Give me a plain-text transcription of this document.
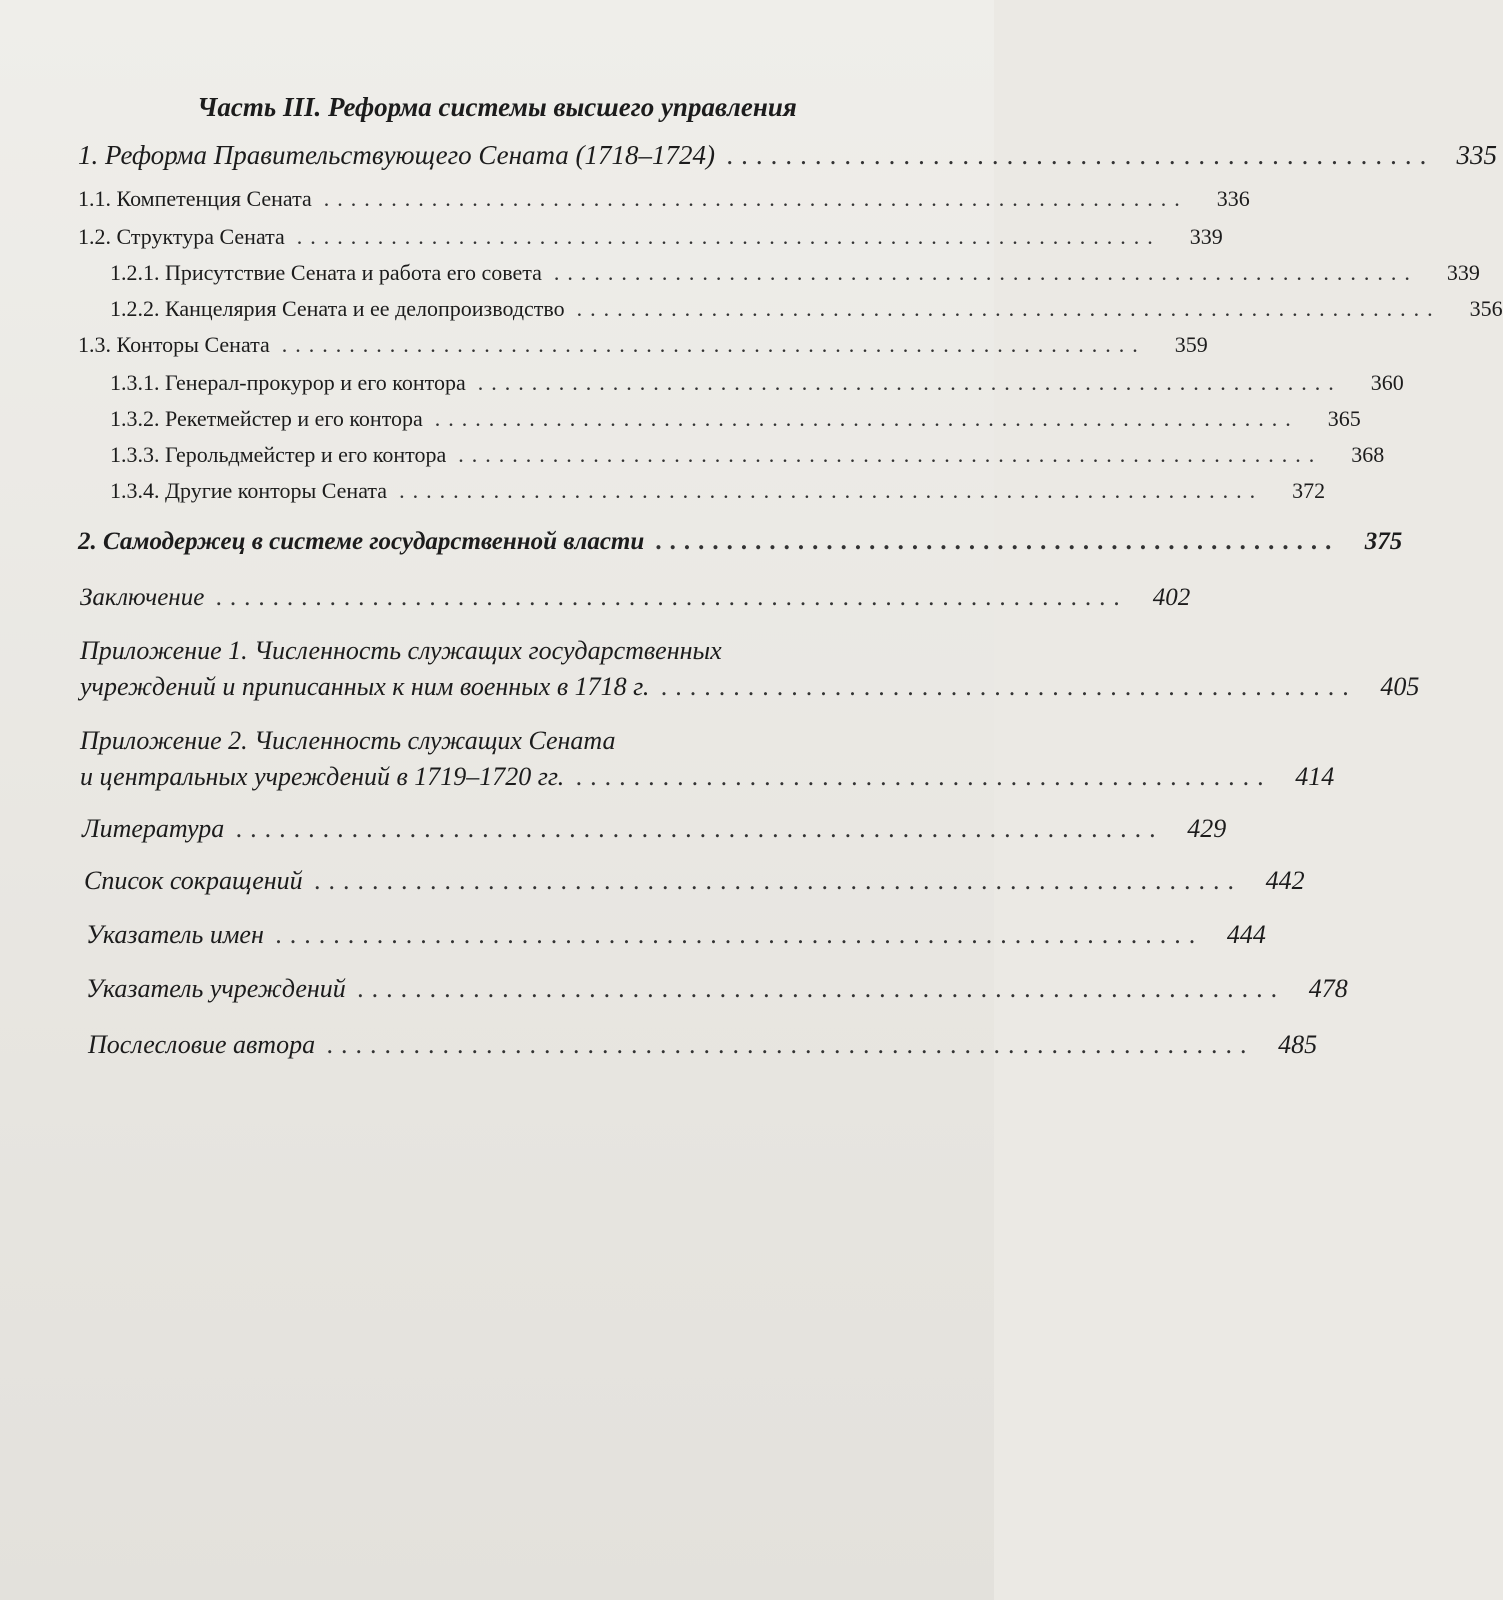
Часть III. Реформа системы высшего управления
1. Реформа Правительствующего Сената (1718–1724) ................................................ 335
1.1. Компетенция Сената ................................................................	336
1.2. Структура Сената ................................................................	339
1.2.1. Присутствие Сената и работа его совета ................................................................	339
1.2.2. Канцелярия Сената и ее делопроизводство ................................................................	356
1.3. Конторы Сената ................................................................	359
1.3.1. Генерал-прокурор и его контора ................................................................	360
1.3.2. Рекетмейстер и его контора ................................................................	365
1.3.3. Герольдмейстер и его контора ................................................................	368
1.3.4. Другие конторы Сената ................................................................	372
2. Самодержец в системе государственной власти ................................................ 375
Заключение ................................................................ 402
Приложение 1. Численность служащих государственных
учреждений и приписанных к ним военных в 1718 г. ................................................ 405
Приложение 2. Численность служащих Сената
и центральных учреждений в 1719–1720 гг. ................................................ 414
Литература ................................................................ 429
Список сокращений ................................................................ 442
Указатель имен ................................................................ 444
Указатель учреждений ................................................................ 478
Послесловие автора ................................................................ 485
